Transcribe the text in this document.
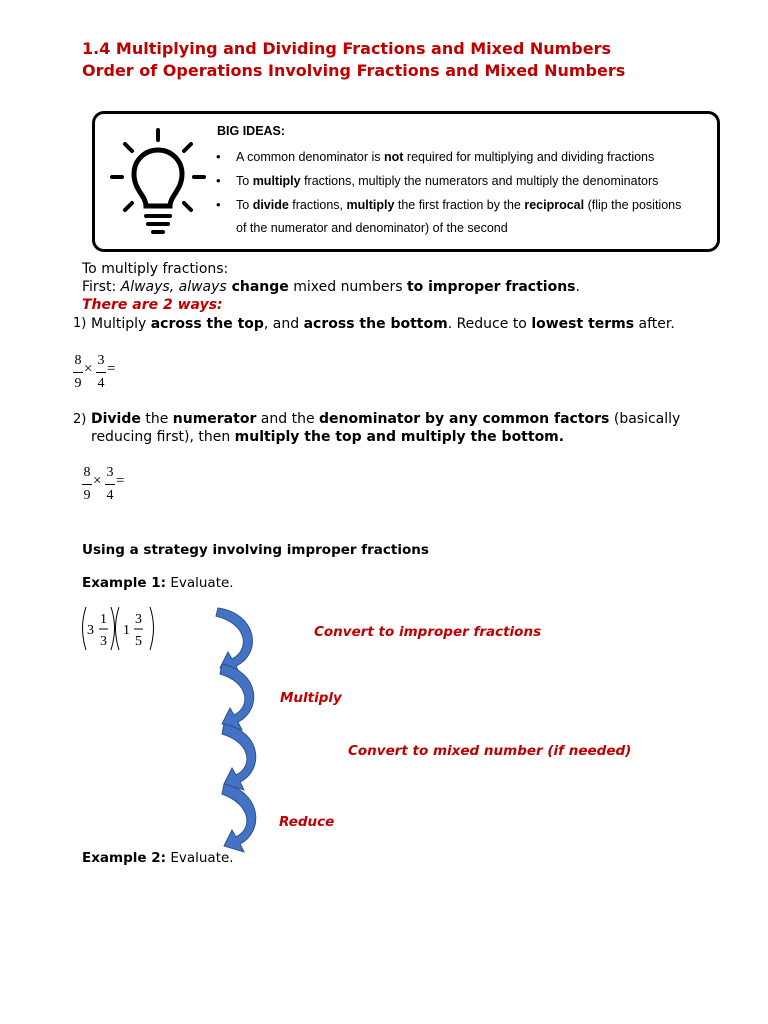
1.4 Multiplying and Dividing Fractions and Mixed Numbers
Order of Operations Involving Fractions and Mixed Numbers
BIG IDEAS:
• A common denominator is not required for multiplying and dividing fractions
• To multiply fractions, multiply the numerators and multiply the denominators
• To divide fractions, multiply the first fraction by the reciprocal (flip the positions
of the numerator and denominator) of the second
To multiply fractions:
First: Always, always change mixed numbers to improper fractions.
There are 2 ways:
1) Multiply across the top, and across the bottom. Reduce to lowest terms after.
8
9
×
3
4
=
2) Divide the numerator and the denominator by any common factors (basically
reducing first), then multiply the top and multiply the bottom.
8
9
×
3
4
=
Using a strategy involving improper fractions
Example 1: Evaluate.
3
1
3
1
3
5
Convert to improper fractions
Multiply
Convert to mixed number (if needed)
Reduce
Example 2: Evaluate.
